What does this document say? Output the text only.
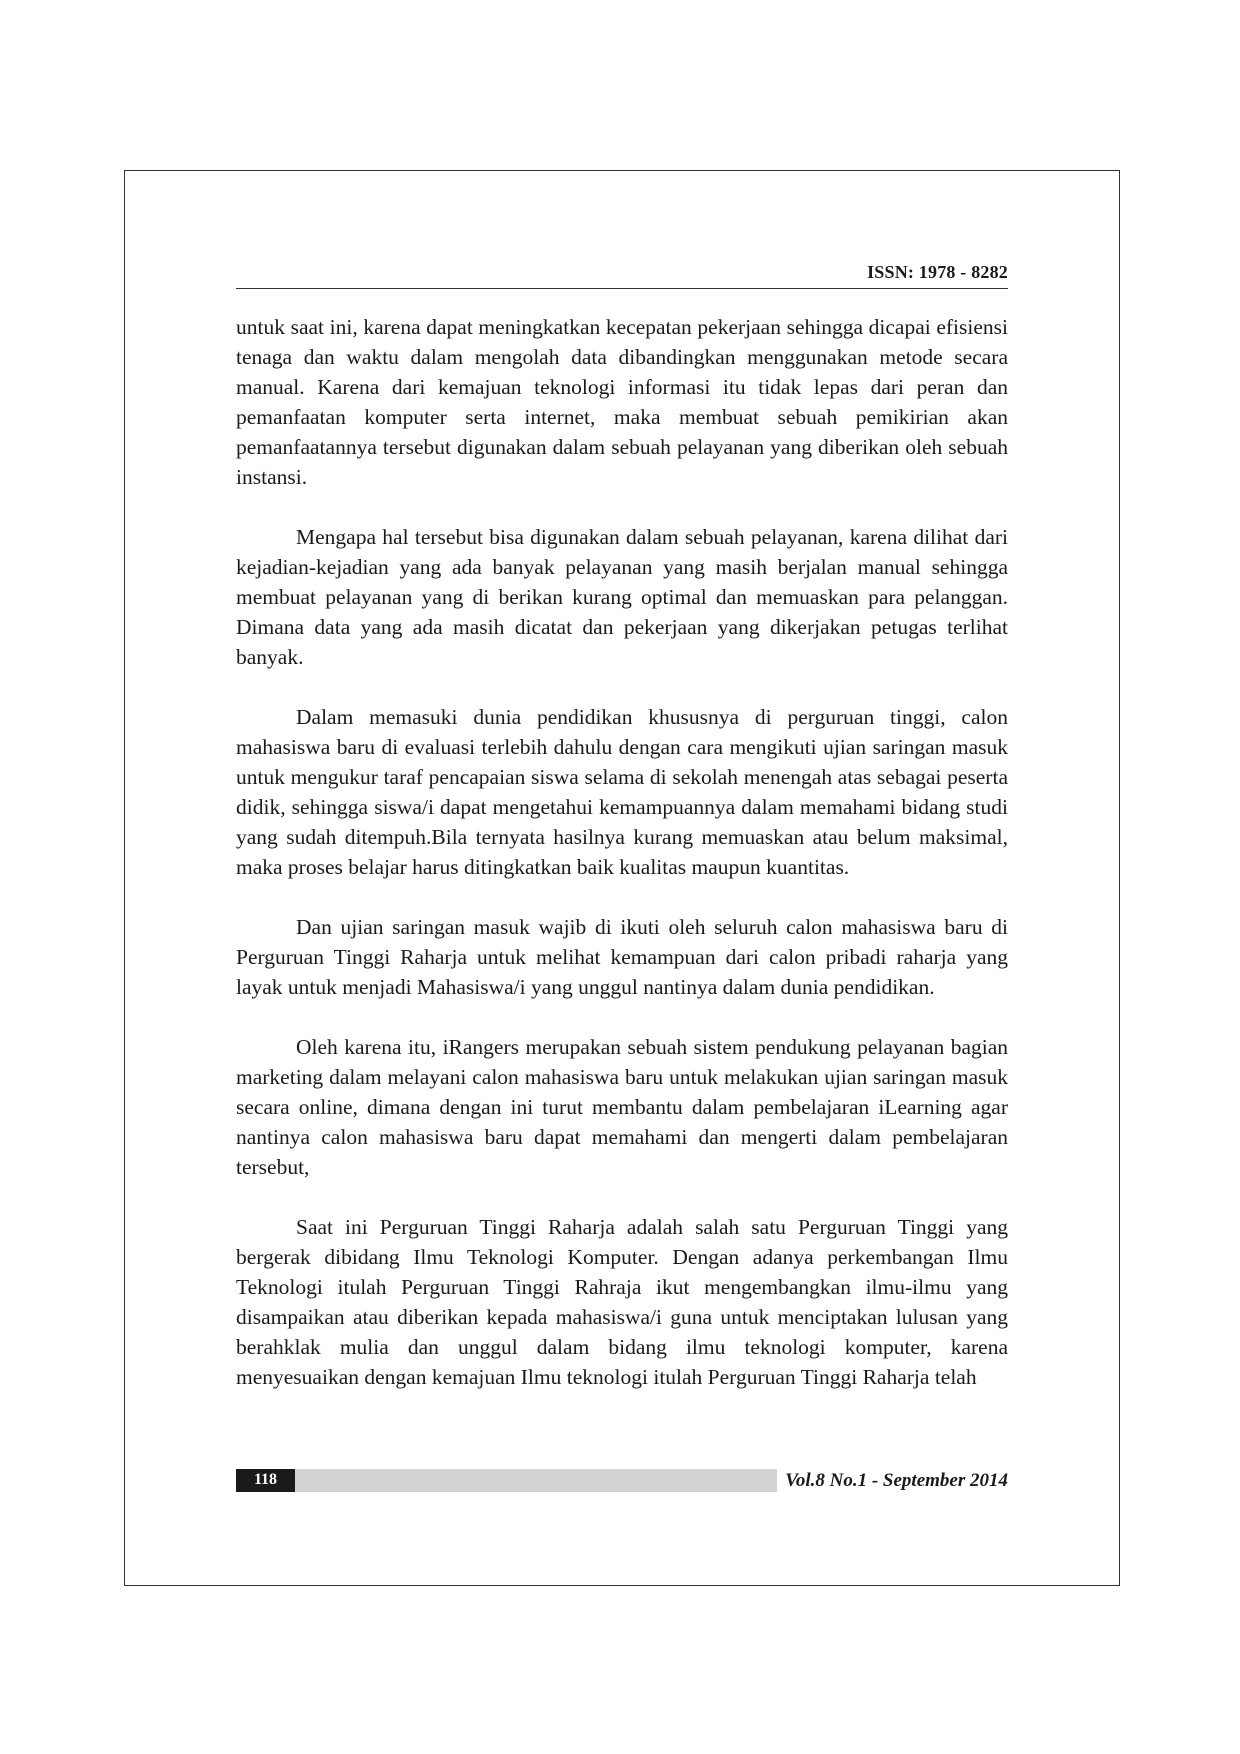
ISSN: 1978 - 8282

untuk saat ini, karena dapat meningkatkan kecepatan pekerjaan sehingga dicapai efisiensi tenaga dan waktu dalam mengolah data dibandingkan menggunakan metode secara manual. Karena dari kemajuan teknologi informasi itu tidak lepas dari peran dan pemanfaatan komputer serta internet, maka membuat sebuah pemikirian akan pemanfaatannya tersebut digunakan dalam sebuah pelayanan yang diberikan oleh sebuah instansi.

Mengapa hal tersebut bisa digunakan dalam sebuah pelayanan, karena dilihat dari kejadian-kejadian yang ada banyak pelayanan yang masih berjalan manual sehingga membuat pelayanan yang di berikan kurang optimal dan memuaskan para pelanggan. Dimana data yang ada masih dicatat dan pekerjaan yang dikerjakan petugas terlihat banyak.

Dalam memasuki dunia pendidikan khususnya di perguruan tinggi, calon mahasiswa baru di evaluasi terlebih dahulu dengan cara mengikuti ujian saringan masuk untuk mengukur taraf pencapaian siswa selama di sekolah menengah atas sebagai peserta didik, sehingga siswa/i dapat mengetahui kemampuannya dalam memahami bidang studi yang sudah ditempuh.Bila ternyata hasilnya kurang memuaskan atau belum maksimal, maka proses belajar harus ditingkatkan baik kualitas maupun kuantitas.

Dan ujian saringan masuk wajib di ikuti oleh seluruh calon mahasiswa baru di Perguruan Tinggi Raharja untuk melihat kemampuan dari calon pribadi raharja yang layak untuk menjadi Mahasiswa/i yang unggul nantinya dalam dunia pendidikan.

Oleh karena itu, iRangers merupakan sebuah sistem pendukung pelayanan bagian marketing dalam melayani calon mahasiswa baru untuk melakukan ujian saringan masuk secara online, dimana dengan ini turut membantu dalam pembelajaran iLearning agar nantinya calon mahasiswa baru dapat memahami dan mengerti dalam pembelajaran tersebut,

Saat ini Perguruan Tinggi Raharja adalah salah satu Perguruan Tinggi yang bergerak dibidang Ilmu Teknologi Komputer. Dengan adanya perkembangan Ilmu Teknologi itulah Perguruan Tinggi Rahraja ikut mengembangkan ilmu-ilmu yang disampaikan atau diberikan kepada mahasiswa/i guna untuk menciptakan lulusan yang berahklak mulia dan unggul dalam bidang ilmu teknologi komputer, karena menyesuaikan dengan kemajuan Ilmu teknologi itulah Perguruan Tinggi Raharja telah

118	Vol.8 No.1 - September 2014
